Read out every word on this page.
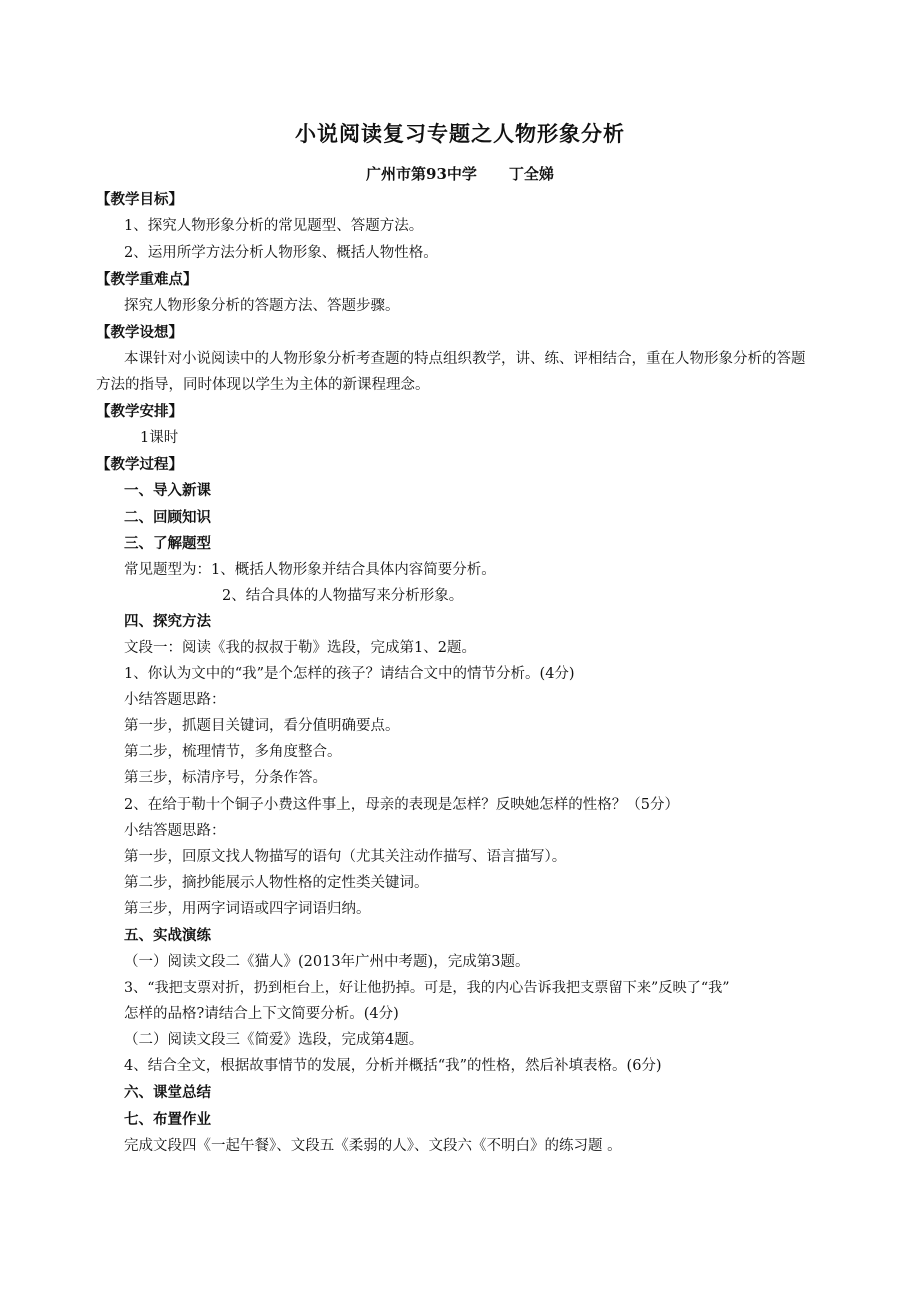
小说阅读复习专题之人物形象分析
广州市第93中学 丁全娣
【教学目标】
1、探究人物形象分析的常见题型、答题方法。
2、运用所学方法分析人物形象、概括人物性格。
【教学重难点】
探究人物形象分析的答题方法、答题步骤。
【教学设想】
本课针对小说阅读中的人物形象分析考查题的特点组织教学，讲、练、评相结合，重在人物形象分析的答题方法的指导，同时体现以学生为主体的新课程理念。
【教学安排】
1课时
【教学过程】
一、导入新课
二、回顾知识
三、了解题型
常见题型为：1、概括人物形象并结合具体内容简要分析。
2、结合具体的人物描写来分析形象。
四、探究方法
文段一：阅读《我的叔叔于勒》选段，完成第1、2题。
1、你认为文中的“我”是个怎样的孩子？请结合文中的情节分析。(4分)
小结答题思路：
第一步，抓题目关键词，看分值明确要点。
第二步，梳理情节，多角度整合。
第三步，标清序号，分条作答。
2、在给于勒十个铜子小费这件事上，母亲的表现是怎样？反映她怎样的性格？（5分）
小结答题思路：
第一步，回原文找人物描写的语句（尤其关注动作描写、语言描写）。
第二步，摘抄能展示人物性格的定性类关键词。
第三步，用两字词语或四字词语归纳。
五、实战演练
（一）阅读文段二《猫人》(2013年广州中考题)，完成第3题。
3、“我把支票对折，扔到柜台上，好让他扔掉。可是，我的内心告诉我把支票留下来”反映了“我”
怎样的品格?请结合上下文简要分析。(4分)
（二）阅读文段三《简爱》选段，完成第4题。
4、结合全文，根据故事情节的发展，分析并概括“我”的性格，然后补填表格。(6分)
六、课堂总结
七、布置作业
完成文段四《一起午餐》、文段五《柔弱的人》、文段六《不明白》的练习题 。
